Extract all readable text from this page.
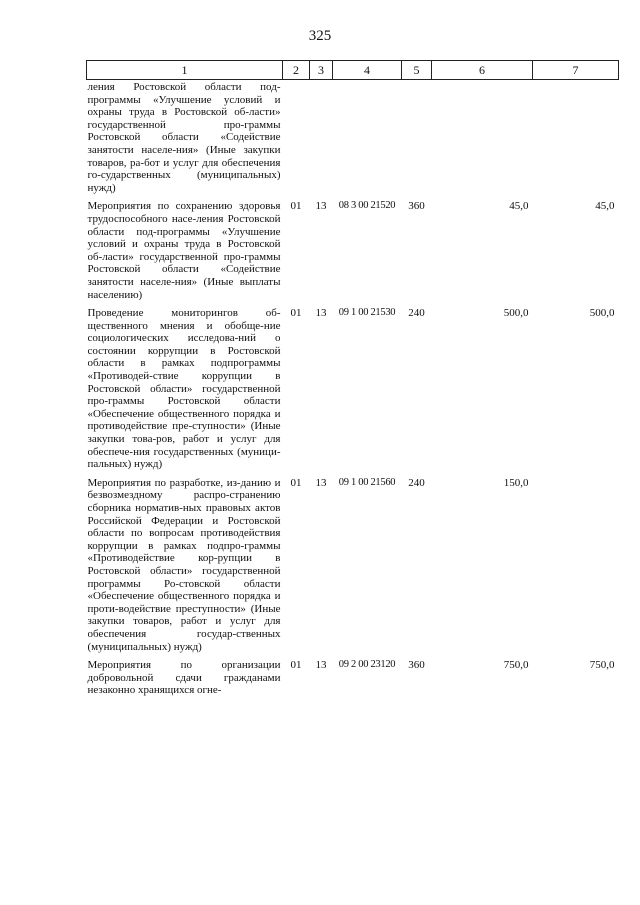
325
1	2	3	4	5	6	7
ления Ростовской области под-программы «Улучшение условий и охраны труда в Ростовской об-ласти» государственной про-граммы Ростовской области «Содействие занятости населе-ния» (Иные закупки товаров, ра-бот и услуг для обеспечения го-сударственных (муниципальных) нужд)						
Мероприятия по сохранению здоровья трудоспособного насе-ления Ростовской области под-программы «Улучшение условий и охраны труда в Ростовской об-ласти» государственной про-граммы Ростовской области «Содействие занятости населе-ния» (Иные выплаты населению)	01	13	08 3 00 21520	360	45,0	45,0
Проведение мониторингов об-щественного мнения и обобще-ние социологических исследова-ний о состоянии коррупции в Ростовской области в рамках подпрограммы «Противодей-ствие коррупции в Ростовской области» государственной про-граммы Ростовской области «Обеспечение общественного порядка и противодействие пре-ступности» (Иные закупки това-ров, работ и услуг для обеспече-ния государственных (муници-пальных) нужд)	01	13	09 1 00 21530	240	500,0	500,0
Мероприятия по разработке, из-данию и безвозмездному распро-странению сборника норматив-ных правовых актов Российской Федерации и Ростовской области по вопросам противодействия коррупции в рамках подпро-граммы «Противодействие кор-рупции в Ростовской области» государственной программы Ро-стовской области «Обеспечение общественного порядка и проти-водействие преступности» (Иные закупки товаров, работ и услуг для обеспечения государ-ственных (муниципальных) нужд)	01	13	09 1 00 21560	240	150,0	
Мероприятия по организации добровольной сдачи гражданами незаконно хранящихся огне-	01	13	09 2 00 23120	360	750,0	750,0
